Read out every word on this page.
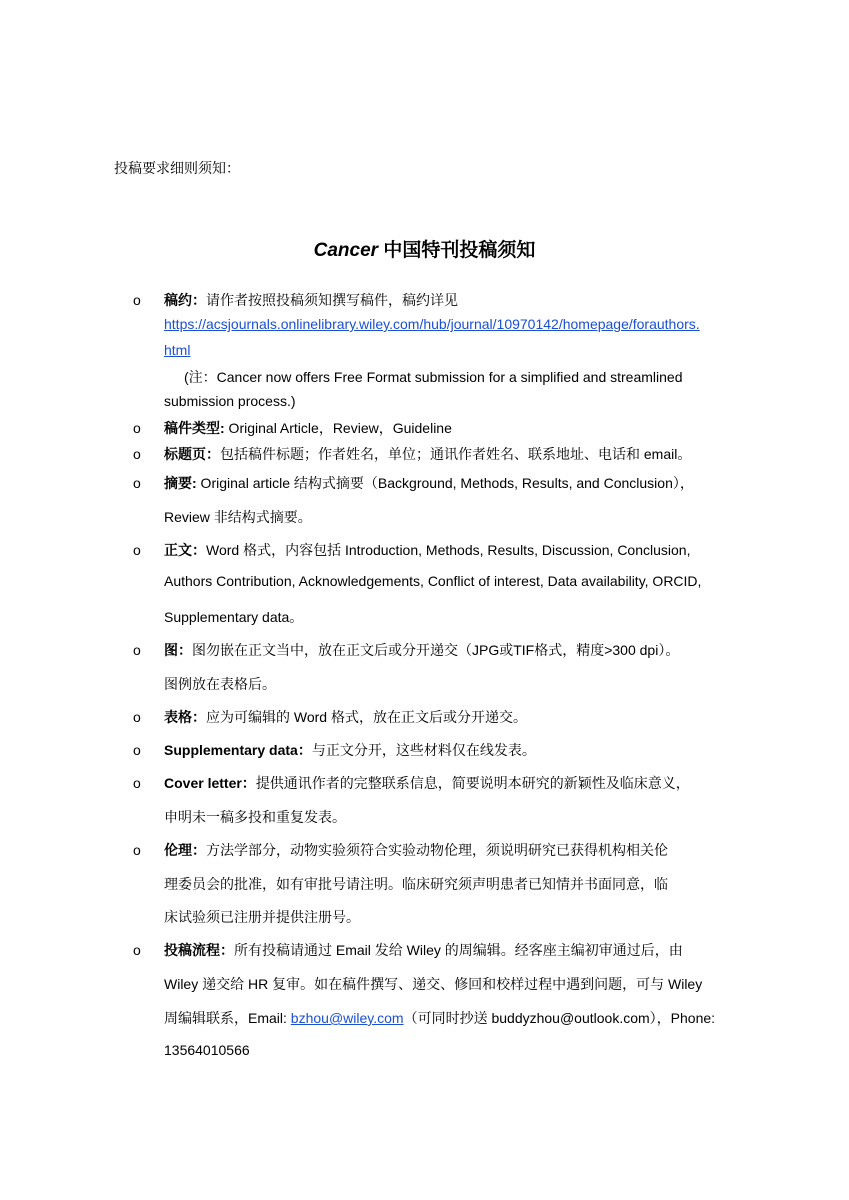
投稿要求细则须知：
Cancer 中国特刊投稿须知
o 稿约：请作者按照投稿须知撰写稿件，稿约详见
https://acsjournals.onlinelibrary.wiley.com/hub/journal/10970142/homepage/forauthors.
html
(注：Cancer now offers Free Format submission for a simplified and streamlined
submission process.)
o 稿件类型: Original Article，Review，Guideline
o 标题页：包括稿件标题；作者姓名，单位；通讯作者姓名、联系地址、电话和 email。
o 摘要: Original article 结构式摘要（Background, Methods, Results, and Conclusion），
Review 非结构式摘要。
o 正文：Word 格式，内容包括 Introduction, Methods, Results, Discussion, Conclusion,
Authors Contribution, Acknowledgements, Conflict of interest, Data availability, ORCID,
Supplementary data。
o 图：图勿嵌在正文当中，放在正文后或分开递交（JPG或TIF格式，精度>300 dpi）。
图例放在表格后。
o 表格：应为可编辑的 Word 格式，放在正文后或分开递交。
o Supplementary data：与正文分开，这些材料仅在线发表。
o Cover letter：提供通讯作者的完整联系信息，简要说明本研究的新颖性及临床意义，
申明未一稿多投和重复发表。
o 伦理：方法学部分，动物实验须符合实验动物伦理，须说明研究已获得机构相关伦
理委员会的批准，如有审批号请注明。临床研究须声明患者已知情并书面同意，临
床试验须已注册并提供注册号。
o 投稿流程：所有投稿请通过 Email 发给 Wiley 的周编辑。经客座主编初审通过后，由
Wiley 递交给 HR 复审。如在稿件撰写、递交、修回和校样过程中遇到问题，可与 Wiley
周编辑联系，Email: bzhou@wiley.com（可同时抄送 buddyzhou@outlook.com），Phone:
13564010566
